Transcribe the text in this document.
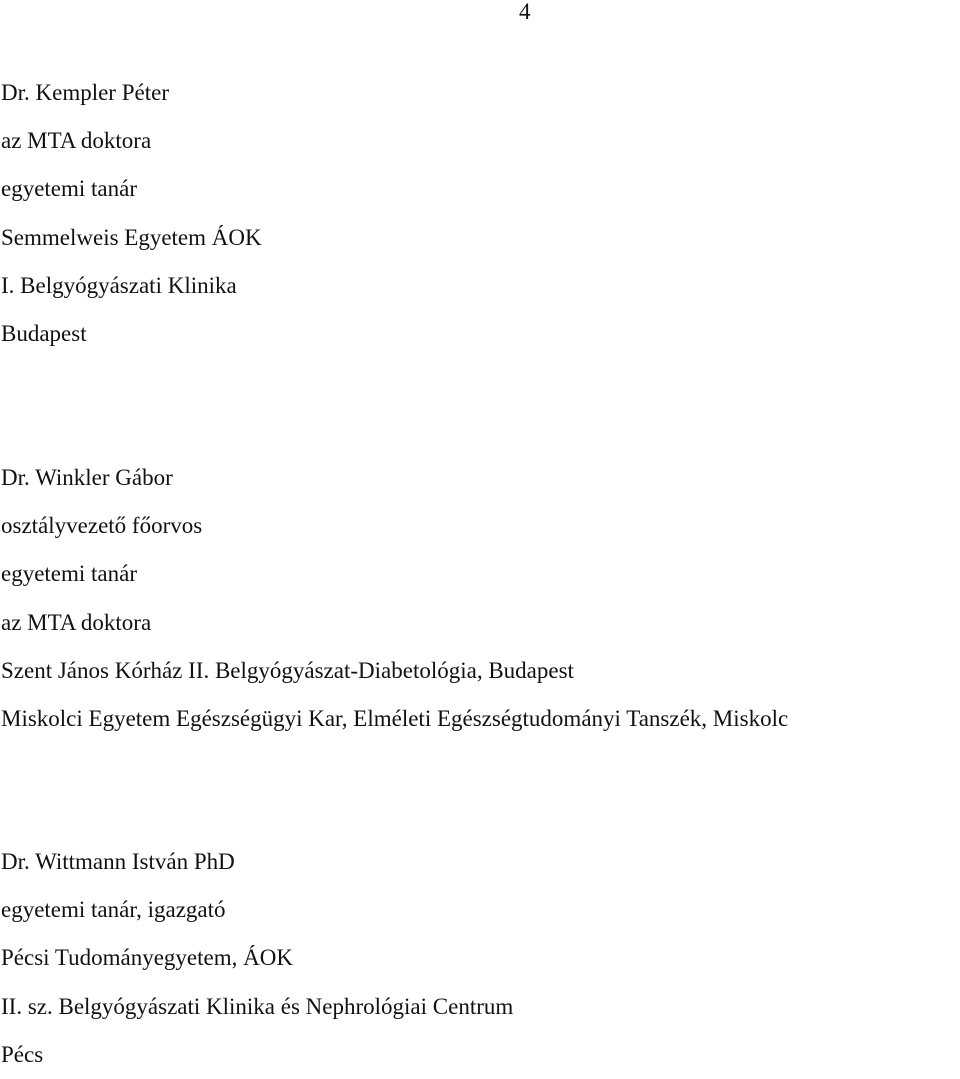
4
Dr. Kempler Péter
az MTA doktora
egyetemi tanár
Semmelweis Egyetem ÁOK
I. Belgyógyászati Klinika
Budapest
Dr. Winkler Gábor
osztályvezető főorvos
egyetemi tanár
az MTA doktora
Szent János Kórház II. Belgyógyászat-Diabetológia, Budapest
Miskolci Egyetem Egészségügyi Kar, Elméleti Egészségtudományi Tanszék, Miskolc
Dr. Wittmann István PhD
egyetemi tanár, igazgató
Pécsi Tudományegyetem, ÁOK
II. sz. Belgyógyászati Klinika és Nephrológiai Centrum
Pécs
